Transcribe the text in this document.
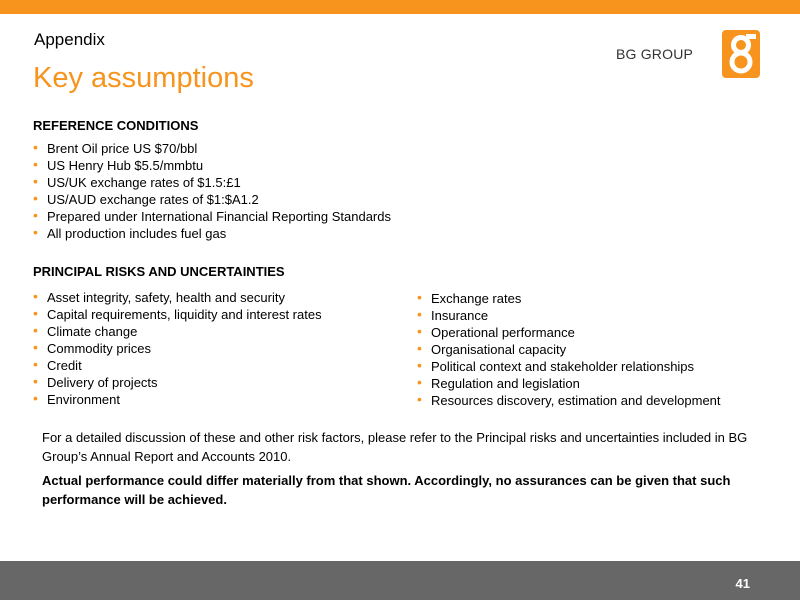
Appendix
Key assumptions
BG GROUP
REFERENCE CONDITIONS
• Brent Oil price US $70/bbl
• US Henry Hub $5.5/mmbtu
• US/UK exchange rates of $1.5:£1
• US/AUD exchange rates of $1:$A1.2
• Prepared under International Financial Reporting Standards
• All production includes fuel gas
PRINCIPAL RISKS AND UNCERTAINTIES
• Asset integrity, safety, health and security
• Capital requirements, liquidity and interest rates
• Climate change
• Commodity prices
• Credit
• Delivery of projects
• Environment
• Exchange rates
• Insurance
• Operational performance
• Organisational capacity
• Political context and stakeholder relationships
• Regulation and legislation
• Resources discovery, estimation and development
For a detailed discussion of these and other risk factors, please refer to the Principal risks and uncertainties included in BG Group’s Annual Report and Accounts 2010.
Actual performance could differ materially from that shown. Accordingly, no assurances can be given that such performance will be achieved.
41
